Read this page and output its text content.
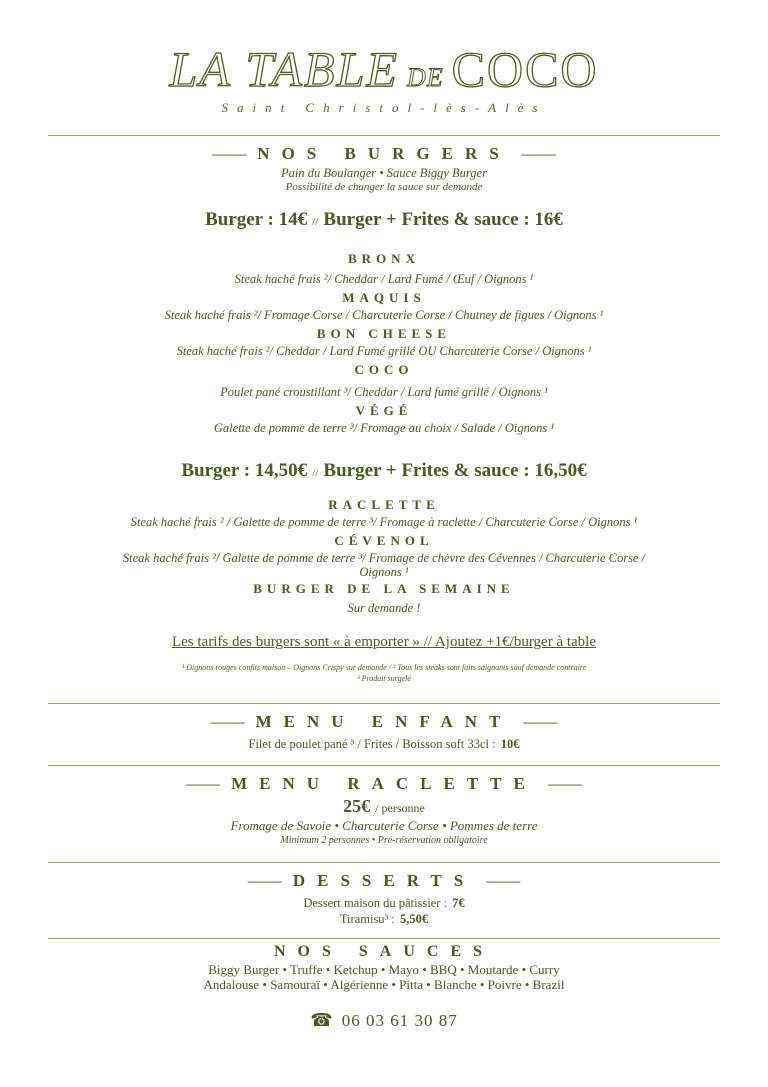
LA TABLE DE COCO
Saint Christol-lès-Alès
—— NOS BURGERS ——
Pain du Boulanger • Sauce Biggy Burger
Possibilité de changer la sauce sur demande
Burger : 14€ // Burger + Frites & sauce : 16€
BRONX
Steak haché frais ²/ Cheddar / Lard Fumé / Œuf / Oignons ¹
MAQUIS
Steak haché frais ²/ Fromage Corse / Charcuterie Corse / Chutney de figues / Oignons ¹
BON CHEESE
Steak haché frais ²/ Cheddar / Lard Fumé grillé OU Charcuterie Corse / Oignons ¹
COCO
Poulet pané croustillant ³/ Cheddar / Lard fumé grillé / Oignons ¹
VÉGÉ
Galette de pomme de terre ³/ Fromage au choix / Salade / Oignons ¹
Burger : 14,50€ // Burger + Frites & sauce : 16,50€
RACLETTE
Steak haché frais ² / Galette de pomme de terre ³/ Fromage à raclette / Charcuterie Corse / Oignons ¹
CÉVENOL
Steak haché frais ²/ Galette de pomme de terre ³/ Fromage de chèvre des Cévennes / Charcuterie Corse /
Oignons ¹
BURGER DE LA SEMAINE
Sur demande !
Les tarifs des burgers sont « à emporter » // Ajoutez +1€/burger à table
¹ Oignons rouges confits maison – Oignons Crispy sur demande / ² Tous les steaks sont faits saignants sauf demande contraire
³ Produit surgelé
—— MENU ENFANT ——
Filet de poulet pané ³ / Frites / Boisson soft 33cl : 10€
—— MENU RACLETTE ——
25€ / personne
Fromage de Savoie • Charcuterie Corse • Pommes de terre
Minimum 2 personnes • Pré-réservation obligatoire
—— DESSERTS ——
Dessert maison du pâtissier : 7€
Tiramisu³ : 5,50€
NOS SAUCES
Biggy Burger • Truffe • Ketchup • Mayo • BBQ • Moutarde • Curry
Andalouse • Samouraï • Algérienne • Pitta • Blanche • Poivre • Brazil
☎ 06 03 61 30 87
